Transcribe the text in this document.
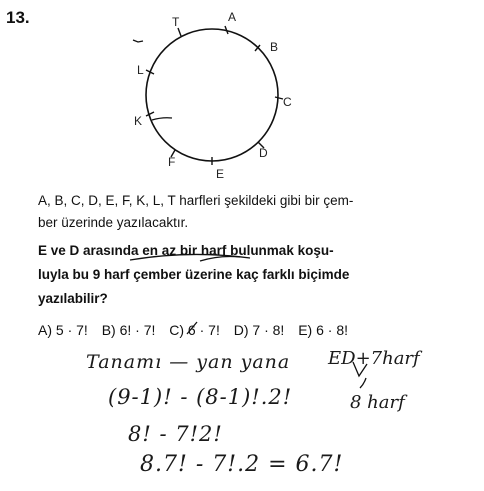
13.	A
B
C
D
E
F
K
L
T
A, B, C, D, E, F, K, L, T harfleri şekildeki gibi bir çem-
ber üzerinde yazılacaktır.
E ve D arasında en az bir harf bulunmak koşu-
luyla bu 9 harf çember üzerine kaç farklı biçimde
yazılabilir?
A) 5 · 7! B) 6! · 7! C) 6 · 7! D) 7 · 8! E) 6 · 8!
Tanamı — yan yana ED+7harf
(9-1)! - (8-1)!.2!	8 harf
8! - 7!2!
8.7! - 7!.2 = 6.7!
